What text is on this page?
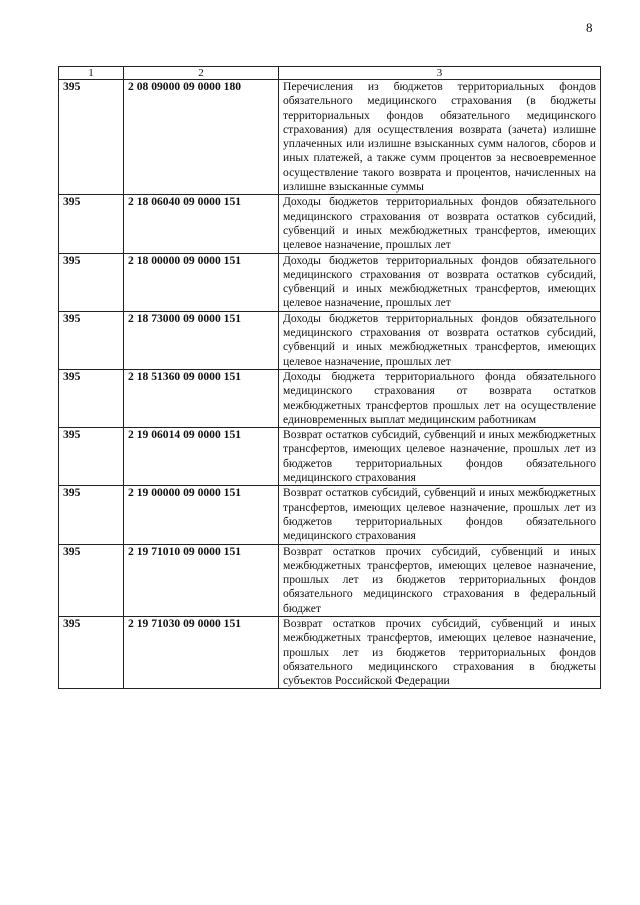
8
1	2	3
395	2 08 09000 09 0000 180	Перечисления из бюджетов территориальных фондов обязательного медицинского страхования (в бюджеты территориальных фондов обязательного медицинского страхования) для осуществления возврата (зачета) излишне уплаченных или излишне взысканных сумм налогов, сборов и иных платежей, а также сумм процентов за несвоевременное осуществление такого возврата и процентов, начисленных на излишне взысканные суммы
395	2 18 06040 09 0000 151	Доходы бюджетов территориальных фондов обязательного медицинского страхования от возврата остатков субсидий, субвенций и иных межбюджетных трансфертов, имеющих целевое назначение, прошлых лет
395	2 18 00000 09 0000 151	Доходы бюджетов территориальных фондов обязательного медицинского страхования от возврата остатков субсидий, субвенций и иных межбюджетных трансфертов, имеющих целевое назначение, прошлых лет
395	2 18 73000 09 0000 151	Доходы бюджетов территориальных фондов обязательного медицинского страхования от возврата остатков субсидий, субвенций и иных межбюджетных трансфертов, имеющих целевое назначение, прошлых лет
395	2 18 51360 09 0000 151	Доходы бюджета территориального фонда обязательного медицинского страхования от возврата остатков межбюджетных трансфертов прошлых лет на осуществление единовременных выплат медицинским работникам
395	2 19 06014 09 0000 151	Возврат остатков субсидий, субвенций и иных межбюджетных трансфертов, имеющих целевое назначение, прошлых лет из бюджетов территориальных фондов обязательного медицинского страхования
395	2 19 00000 09 0000 151	Возврат остатков субсидий, субвенций и иных межбюджетных трансфертов, имеющих целевое назначение, прошлых лет из бюджетов территориальных фондов обязательного медицинского страхования
395	2 19 71010 09 0000 151	Возврат остатков прочих субсидий, субвенций и иных межбюджетных трансфертов, имеющих целевое назначение, прошлых лет из бюджетов территориальных фондов обязательного медицинского страхования в федеральный бюджет
395	2 19 71030 09 0000 151	Возврат остатков прочих субсидий, субвенций и иных межбюджетных трансфертов, имеющих целевое назначение, прошлых лет из бюджетов территориальных фондов обязательного медицинского страхования в бюджеты субъектов Российской Федерации
